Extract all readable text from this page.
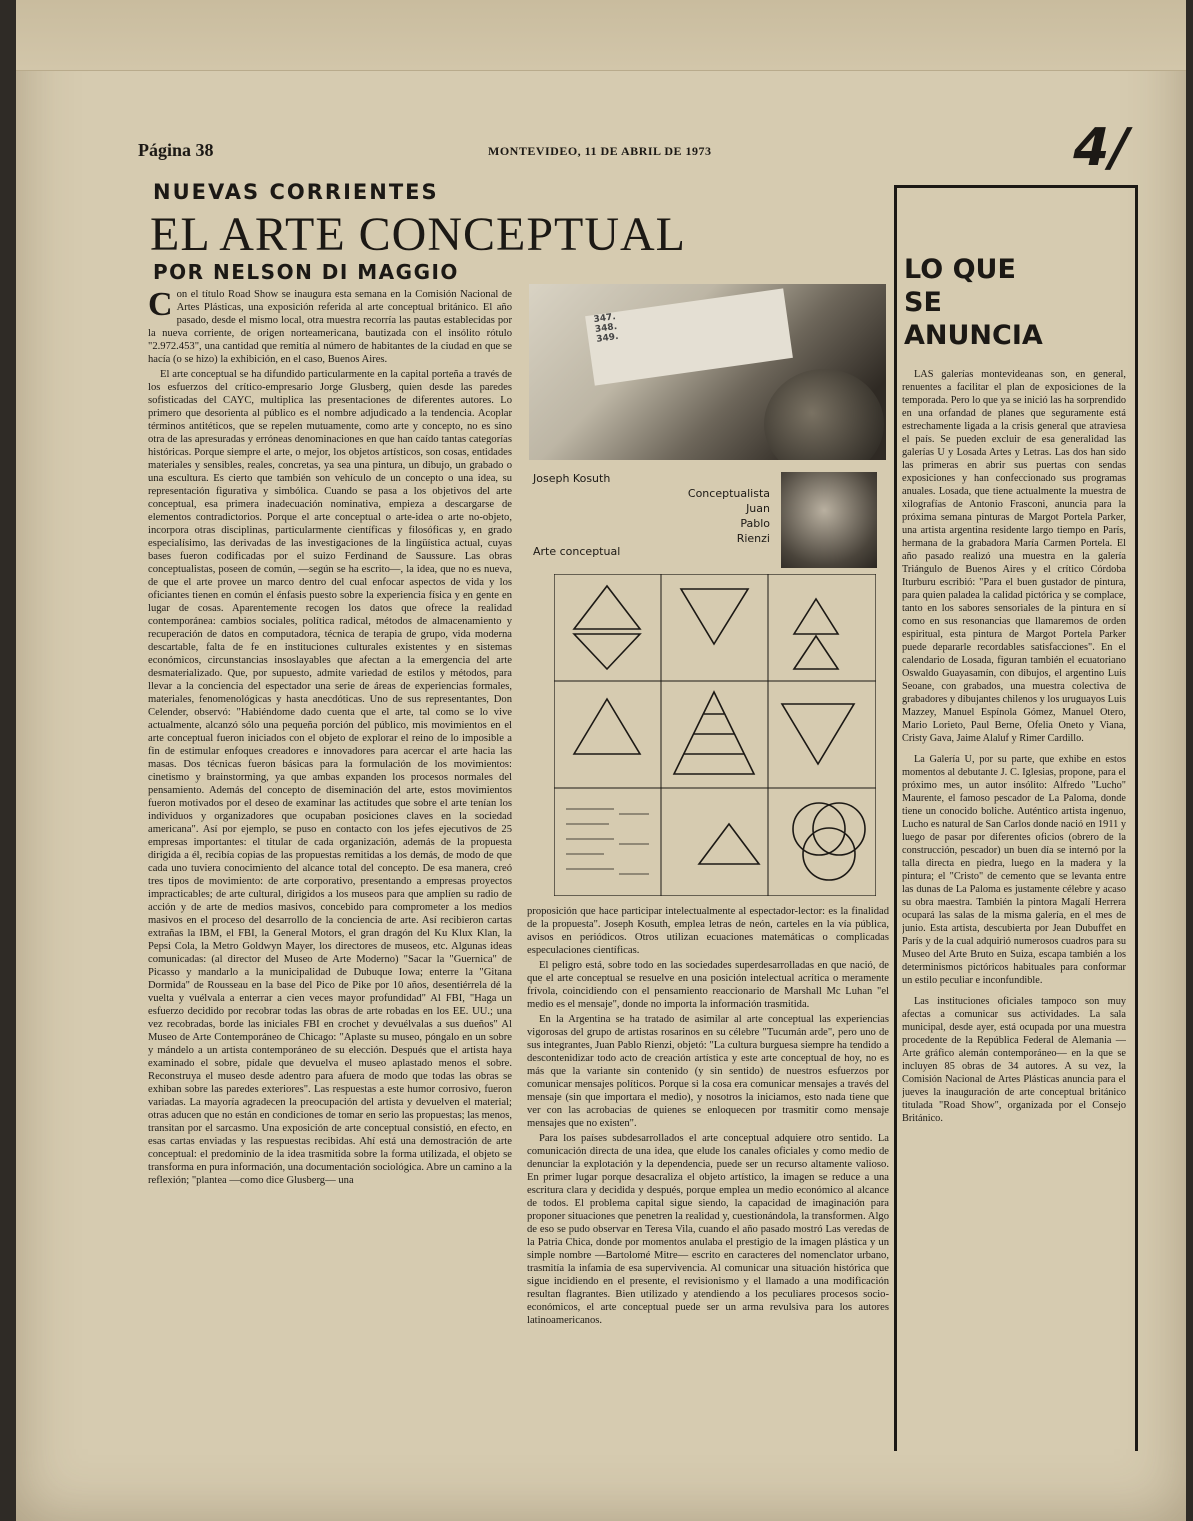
Página 38	MONTEVIDEO, 11 DE ABRIL DE 1973	4/
NUEVAS CORRIENTES
EL ARTE CONCEPTUAL
POR NELSON DI MAGGIO

Con el título Road Show se inaugura esta semana en la Comisión Nacional de Artes Plásticas, una exposición referida al arte conceptual británico. El año pasado, desde el mismo local, otra muestra recorría las pautas establecidas por la nueva corriente, de origen norteamericana, bautizada con el insólito rótulo "2.972.453", una cantidad que remitía al número de habitantes de la ciudad en que se hacía (o se hizo) la exhibición, en el caso, Buenos Aires.

El arte conceptual se ha difundido particularmente en la capital porteña a través de los esfuerzos del crítico-empresario Jorge Glusberg, quien desde las paredes sofisticadas del CAYC, multiplica las presentaciones de diferentes autores. Lo primero que desorienta al público es el nombre adjudicado a la tendencia. Acoplar términos antitéticos, que se repelen mutuamente, como arte y concepto, no es sino otra de las apresuradas y erróneas denominaciones en que han caído tantas categorías históricas. Porque siempre el arte, o mejor, los objetos artísticos, son cosas, entidades materiales y sensibles, reales, concretas, ya sea una pintura, un dibujo, un grabado o una escultura. Es cierto que también son vehículo de un concepto o una idea, su representación figurativa y simbólica. Cuando se pasa a los objetivos del arte conceptual, esa primera inadecuación nominativa, empieza a descargarse de elementos contradictorios. Porque el arte conceptual o arte-idea o arte no-objeto, incorpora otras disciplinas, particularmente científicas y filosóficas y, en grado especialísimo, las derivadas de las investigaciones de la lingüística actual, cuyas bases fueron codificadas por el suizo Ferdinand de Saussure. Las obras conceptualistas, poseen de común, —según se ha escrito—, la idea, que no es nueva, de que el arte provee un marco dentro del cual enfocar aspectos de vida y los oficiantes tienen en común el énfasis puesto sobre la experiencia física y en gente en lugar de cosas. Aparentemente recogen los datos que ofrece la realidad contemporánea: cambios sociales, política radical, métodos de almacenamiento y recuperación de datos en computadora, técnica de terapia de grupo, vida moderna descartable, falta de fe en instituciones culturales existentes y en sistemas económicos, circunstancias insoslayables que afectan a la emergencia del arte desmaterializado. Que, por supuesto, admite variedad de estilos y métodos, para llevar a la conciencia del espectador una serie de áreas de experiencias formales, materiales, fenomenológicas y hasta anecdóticas. Uno de sus representantes, Don Celender, observó: "Habiéndome dado cuenta que el arte, tal como se lo vive actualmente, alcanzó sólo una pequeña porción del público, mis movimientos en el arte conceptual fueron iniciados con el objeto de explorar el reino de lo imposible a fin de estimular enfoques creadores e innovadores para acercar el arte hacia las masas. Dos técnicas fueron básicas para la formulación de los movimientos: cinetismo y brainstorming, ya que ambas expanden los procesos normales del pensamiento. Además del concepto de diseminación del arte, estos movimientos fueron motivados por el deseo de examinar las actitudes que sobre el arte tenían los individuos y organizadores que ocupaban posiciones claves en la sociedad americana". Así por ejemplo, se puso en contacto con los jefes ejecutivos de 25 empresas importantes: el titular de cada organización, además de la propuesta dirigida a él, recibía copias de las propuestas remitidas a los demás, de modo de que cada uno tuviera conocimiento del alcance total del concepto. De esa manera, creó tres tipos de movimiento: de arte corporativo, presentando a empresas proyectos impracticables; de arte cultural, dirigidos a los museos para que amplíen su radio de acción y de arte de medios masivos, concebido para comprometer a los medios masivos en el proceso del desarrollo de la conciencia de arte. Así recibieron cartas extrañas la IBM, el FBI, la General Motors, el gran dragón del Ku Klux Klan, la Pepsi Cola, la Metro Goldwyn Mayer, los directores de museos, etc. Algunas ideas comunicadas: (al director del Museo de Arte Moderno) "Sacar la "Guernica" de Picasso y mandarlo a la municipalidad de Dubuque Iowa; enterre la "Gitana Dormida" de Rousseau en la base del Pico de Pike por 10 años, desentiérrela dé la vuelta y vuélvala a enterrar a cien veces mayor profundidad" Al FBI, "Haga un esfuerzo decidido por recobrar todas las obras de arte robadas en los EE. UU.; una vez recobradas, borde las iniciales FBI en crochet y devuélvalas a sus dueños" Al Museo de Arte Contemporáneo de Chicago: "Aplaste su museo, póngalo en un sobre y mándelo a un artista contemporáneo de su elección. Después que el artista haya examinado el sobre, pídale que devuelva el museo aplastado menos el sobre. Reconstruya el museo desde adentro para afuera de modo que todas las obras se exhiban sobre las paredes exteriores". Las respuestas a este humor corrosivo, fueron variadas. La mayoría agradecen la preocupación del artista y devuelven el material; otras aducen que no están en condiciones de tomar en serio las propuestas; las menos, transitan por el sarcasmo. Una exposición de arte conceptual consistió, en efecto, en esas cartas enviadas y las respuestas recibidas. Ahí está una demostración de arte conceptual: el predominio de la idea trasmitida sobre la forma utilizada, el objeto se transforma en pura información, una documentación sociológica. Abre un camino a la reflexión; "plantea —como dice Glusberg— una

347.
348.
349.
Joseph Kosuth
Conceptualista
Juan
Pablo
Rienzi
Arte conceptual

proposición que hace participar intelectualmente al espectador-lector: es la finalidad de la propuesta". Joseph Kosuth, emplea letras de neón, carteles en la vía pública, avisos en periódicos. Otros utilizan ecuaciones matemáticas o complicadas especulaciones científicas.

El peligro está, sobre todo en las sociedades superdesarrolladas en que nació, de que el arte conceptual se resuelve en una posición intelectual acrítica o meramente frívola, coincidiendo con el pensamiento reaccionario de Marshall Mc Luhan "el medio es el mensaje", donde no importa la información trasmitida.

En la Argentina se ha tratado de asimilar al arte conceptual las experiencias vigorosas del grupo de artistas rosarinos en su célebre "Tucumán arde", pero uno de sus integrantes, Juan Pablo Rienzi, objetó: "La cultura burguesa siempre ha tendido a descontenidizar todo acto de creación artística y este arte conceptual de hoy, no es más que la variante sin contenido (y sin sentido) de nuestros esfuerzos por comunicar mensajes políticos. Porque si la cosa era comunicar mensajes a través del mensaje (sin que importara el medio), y nosotros la iniciamos, esto nada tiene que ver con las acrobacias de quienes se enloquecen por trasmitir como mensaje mensajes que no existen".

Para los países subdesarrollados el arte conceptual adquiere otro sentido. La comunicación directa de una idea, que elude los canales oficiales y como medio de denunciar la explotación y la dependencia, puede ser un recurso altamente valioso. En primer lugar porque desacraliza el objeto artístico, la imagen se reduce a una escritura clara y decidida y después, porque emplea un medio económico al alcance de todos. El problema capital sigue siendo, la capacidad de imaginación para proponer situaciones que penetren la realidad y, cuestionándola, la transformen. Algo de eso se pudo observar en Teresa Vila, cuando el año pasado mostró Las veredas de la Patria Chica, donde por momentos anulaba el prestigio de la imagen plástica y un simple nombre —Bartolomé Mitre— escrito en caracteres del nomenclator urbano, trasmitía la infamia de esa supervivencia. Al comunicar una situación histórica que sigue incidiendo en el presente, el revisionismo y el llamado a una modificación resultan flagrantes. Bien utilizado y atendiendo a los peculiares procesos socio-económicos, el arte conceptual puede ser un arma revulsiva para los autores latinoamericanos.

LO QUE
SE
ANUNCIA

LAS galerías montevideanas son, en general, renuentes a facilitar el plan de exposiciones de la temporada. Pero lo que ya se inició las ha sorprendido en una orfandad de planes que seguramente está estrechamente ligada a la crisis general que atraviesa el país. Se pueden excluir de esa generalidad las galerías U y Losada Artes y Letras. Las dos han sido las primeras en abrir sus puertas con sendas exposiciones y han confeccionado sus programas anuales. Losada, que tiene actualmente la muestra de xilografías de Antonio Frasconi, anuncia para la próxima semana pinturas de Margot Portela Parker, una artista argentina residente largo tiempo en París, hermana de la grabadora María Carmen Portela. El año pasado realizó una muestra en la galería Triángulo de Buenos Aires y el crítico Córdoba Iturburu escribió: "Para el buen gustador de pintura, para quien paladea la calidad pictórica y se complace, tanto en los sabores sensoriales de la pintura en sí como en sus resonancias que llamaremos de orden espiritual, esta pintura de Margot Portela Parker puede depararle recordables satisfacciones". En el calendario de Losada, figuran también el ecuatoriano Oswaldo Guayasamín, con dibujos, el argentino Luis Seoane, con grabados, una muestra colectiva de grabadores y dibujantes chilenos y los uruguayos Luis Mazzey, Manuel Espínola Gómez, Manuel Otero, Mario Lorieto, Paul Berne, Ofelia Oneto y Viana, Cristy Gava, Jaime Alaluf y Rimer Cardillo.

La Galería U, por su parte, que exhibe en estos momentos al debutante J. C. Iglesias, propone, para el próximo mes, un autor insólito: Alfredo "Lucho" Maurente, el famoso pescador de La Paloma, donde tiene un conocido boliche. Auténtico artista ingenuo, Lucho es natural de San Carlos donde nació en 1911 y luego de pasar por diferentes oficios (obrero de la construcción, pescador) un buen día se internó por la talla directa en piedra, luego en la madera y la pintura; el "Cristo" de cemento que se levanta entre las dunas de La Paloma es justamente célebre y acaso su obra maestra. También la pintora Magalí Herrera ocupará las salas de la misma galería, en el mes de junio. Esta artista, descubierta por Jean Dubuffet en París y de la cual adquirió numerosos cuadros para su Museo del Arte Bruto en Suiza, escapa también a los determinismos pictóricos habituales para conformar un estilo peculiar e inconfundible.

Las instituciones oficiales tampoco son muy afectas a comunicar sus actividades. La sala municipal, desde ayer, está ocupada por una muestra procedente de la República Federal de Alemania —Arte gráfico alemán contemporáneo— en la que se incluyen 85 obras de 34 autores. A su vez, la Comisión Nacional de Artes Plásticas anuncia para el jueves la inauguración de arte conceptual británico titulada "Road Show", organizada por el Consejo Británico.
